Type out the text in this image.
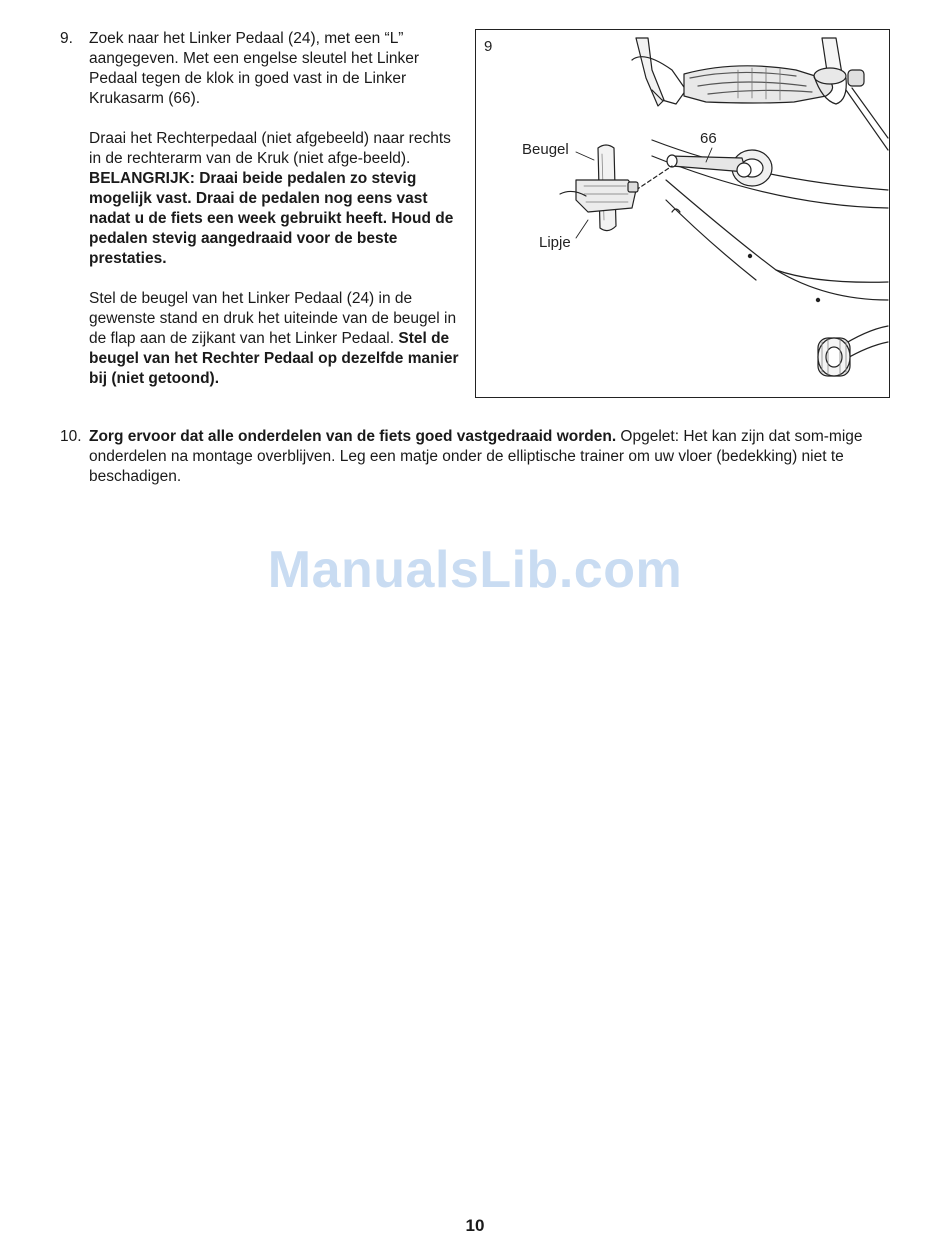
9. Zoek naar het Linker Pedaal (24), met een “L” aangegeven. Met een engelse sleutel het Linker Pedaal tegen de klok in goed vast in de Linker Krukasarm (66).

Draai het Rechterpedaal (niet afgebeeld) naar rechts in de rechterarm van de Kruk (niet afge-beeld). BELANGRIJK: Draai beide pedalen zo stevig mogelijk vast. Draai de pedalen nog eens vast nadat u de fiets een week gebruikt heeft. Houd de pedalen stevig aangedraaid voor de beste prestaties.

Stel de beugel van het Linker Pedaal (24) in de gewenste stand en druk het uiteinde van de beugel in de flap aan de zijkant van het Linker Pedaal. Stel de beugel van het Rechter Pedaal op dezelfde manier bij (niet getoond).

9
Beugel
66
Lipje
10. Zorg ervoor dat alle onderdelen van de fiets goed vastgedraaid worden. Opgelet: Het kan zijn dat som-mige onderdelen na montage overblijven. Leg een matje onder de elliptische trainer om uw vloer (bedekking) niet te beschadigen.
ManualsLib.com
10
